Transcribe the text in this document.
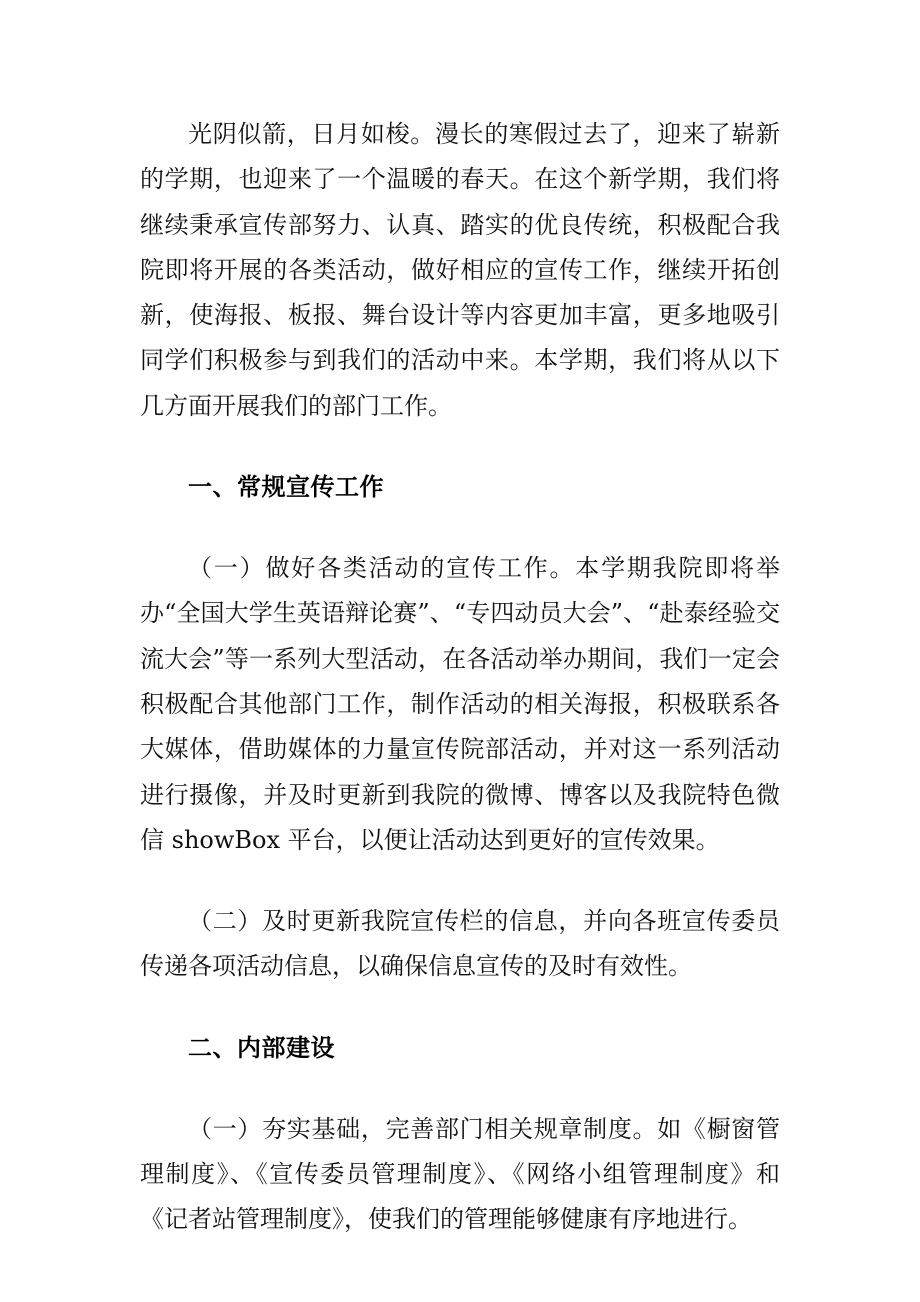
光阴似箭，日月如梭。漫长的寒假过去了，迎来了崭新的学期，也迎来了一个温暖的春天。在这个新学期，我们将继续秉承宣传部努力、认真、踏实的优良传统，积极配合我院即将开展的各类活动，做好相应的宣传工作，继续开拓创新，使海报、板报、舞台设计等内容更加丰富，更多地吸引同学们积极参与到我们的活动中来。本学期，我们将从以下几方面开展我们的部门工作。

一、常规宣传工作

（一）做好各类活动的宣传工作。本学期我院即将举办“全国大学生英语辩论赛”、“专四动员大会”、“赴泰经验交流大会”等一系列大型活动，在各活动举办期间，我们一定会积极配合其他部门工作，制作活动的相关海报，积极联系各大媒体，借助媒体的力量宣传院部活动，并对这一系列活动进行摄像，并及时更新到我院的微博、博客以及我院特色微信 showBox 平台，以便让活动达到更好的宣传效果。

（二）及时更新我院宣传栏的信息，并向各班宣传委员传递各项活动信息，以确保信息宣传的及时有效性。

二、内部建设

（一）夯实基础，完善部门相关规章制度。如《橱窗管理制度》、《宣传委员管理制度》、《网络小组管理制度》和《记者站管理制度》，使我们的管理能够健康有序地进行。
